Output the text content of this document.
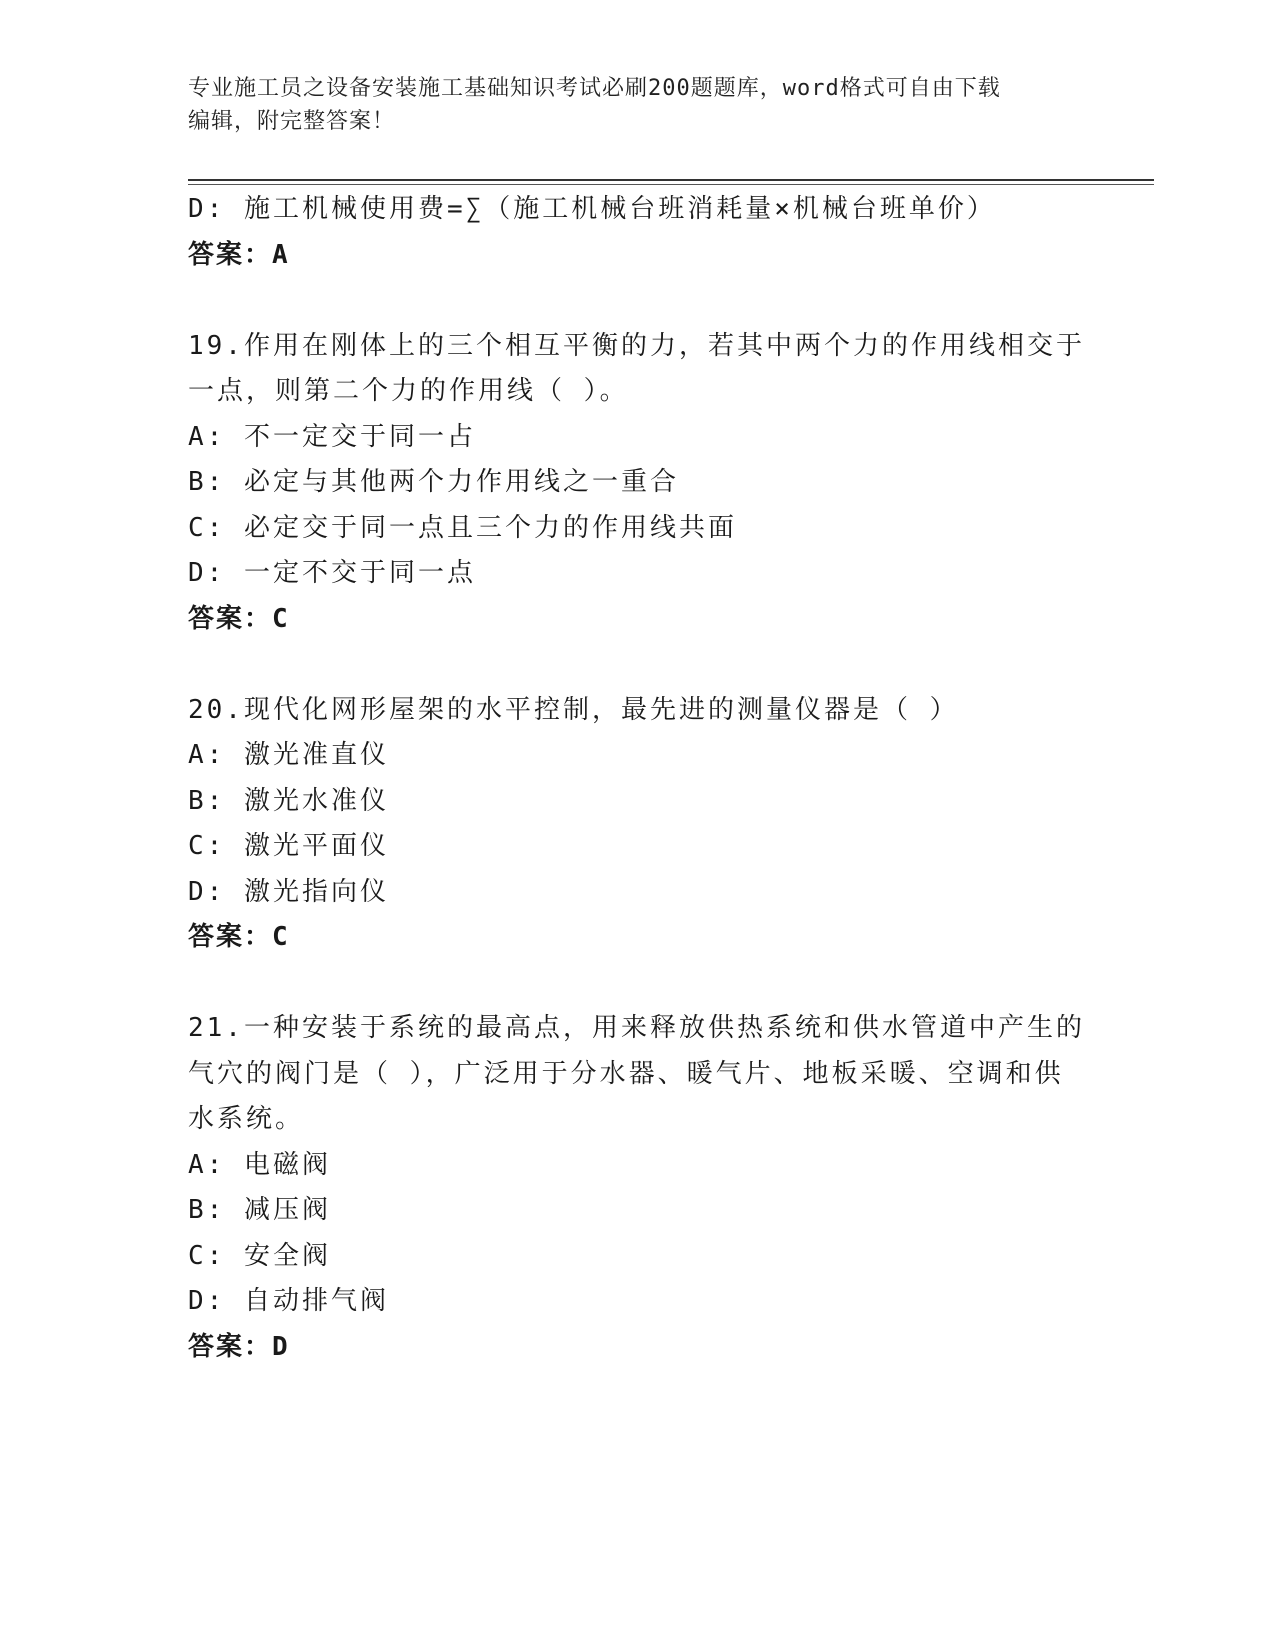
专业施工员之设备安装施工基础知识考试必刷200题题库，word格式可自由下载
编辑，附完整答案！
D: 施工机械使用费=∑（施工机械台班消耗量×机械台班单价）
答案：A
19.作用在刚体上的三个相互平衡的力，若其中两个力的作用线相交于
一点，则第二个力的作用线（ ）。
A: 不一定交于同一占
B: 必定与其他两个力作用线之一重合
C: 必定交于同一点且三个力的作用线共面
D: 一定不交于同一点
答案：C
20.现代化网形屋架的水平控制，最先进的测量仪器是（ ）
A: 激光准直仪
B: 激光水准仪
C: 激光平面仪
D: 激光指向仪
答案：C
21.一种安装于系统的最高点，用来释放供热系统和供水管道中产生的
气穴的阀门是（ ），广泛用于分水器、暖气片、地板采暖、空调和供
水系统。
A: 电磁阀
B: 减压阀
C: 安全阀
D: 自动排气阀
答案：D
